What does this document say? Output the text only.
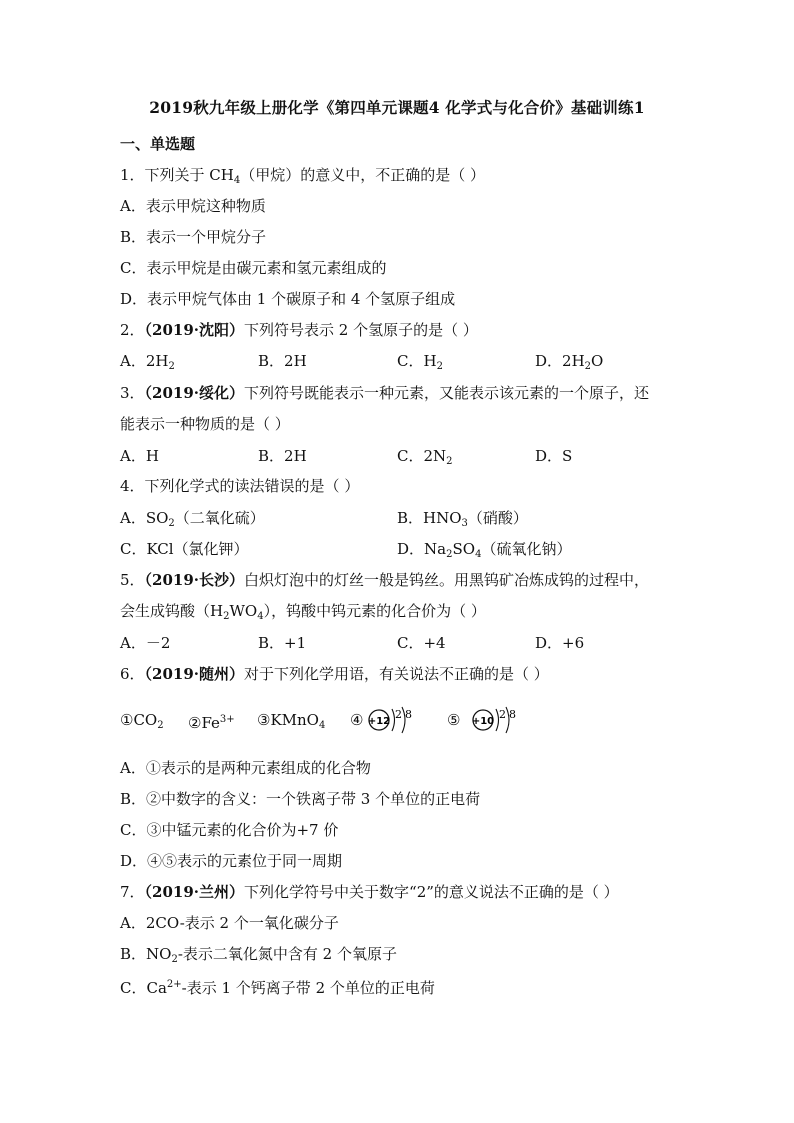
2019秋九年级上册化学《第四单元课题4 化学式与化合价》基础训练1
一、单选题
1．下列关于 $CH_4$（甲烷）的意义中，不正确的是（ ）
A．表示甲烷这种物质
B．表示一个甲烷分子
C．表示甲烷是由碳元素和氢元素组成的
D．表示甲烷气体由 1 个碳原子和 4 个氢原子组成
2．（2019·沈阳）下列符号表示 2 个氢原子的是（ ）
A．$2H_2$	B．2H	C．$H_2$	D．$2H_2O$
3．（2019·绥化）下列符号既能表示一种元素，又能表示该元素的一个原子，还
能表示一种物质的是（ ）
A．H	B．2H	C．$2N_2$	D．S
4．下列化学式的读法错误的是（ ）
A．$SO_2$（二氧化硫）	B．$HNO_3$（硝酸）
C．KCl（氯化钾）	D．$Na_2SO_4$（硫氧化钠）
5．（2019·长沙）白炽灯泡中的灯丝一般是钨丝。用黑钨矿冶炼成钨的过程中，
会生成钨酸$(H_2WO_4)$，钨酸中钨元素的化合价为（ ）
A．－2	B．+1	C．+4	D．+6
6．（2019·随州）对于下列化学用语，有关说法不正确的是（ ）
$①CO_2$ $②Fe^{3+}$ ③KMnO$_4$ ④ +12
2 8 ⑤ +10
2 8
A．①表示的是两种元素组成的化合物
B．②中数字的含义：一个铁离子带 3 个单位的正电荷
C．③中锰元素的化合价为+7 价
D．④⑤表示的元素位于同一周期
7．（2019·兰州）下列化学符号中关于数字“2”的意义说法不正确的是（ ）
A．2CO-表示 2 个一氧化碳分子
B．$NO_2-$表示二氧化氮中含有 2 个氧原子
C．$Ca^{2+}-$表示 1 个钙离子带 2 个单位的正电荷
